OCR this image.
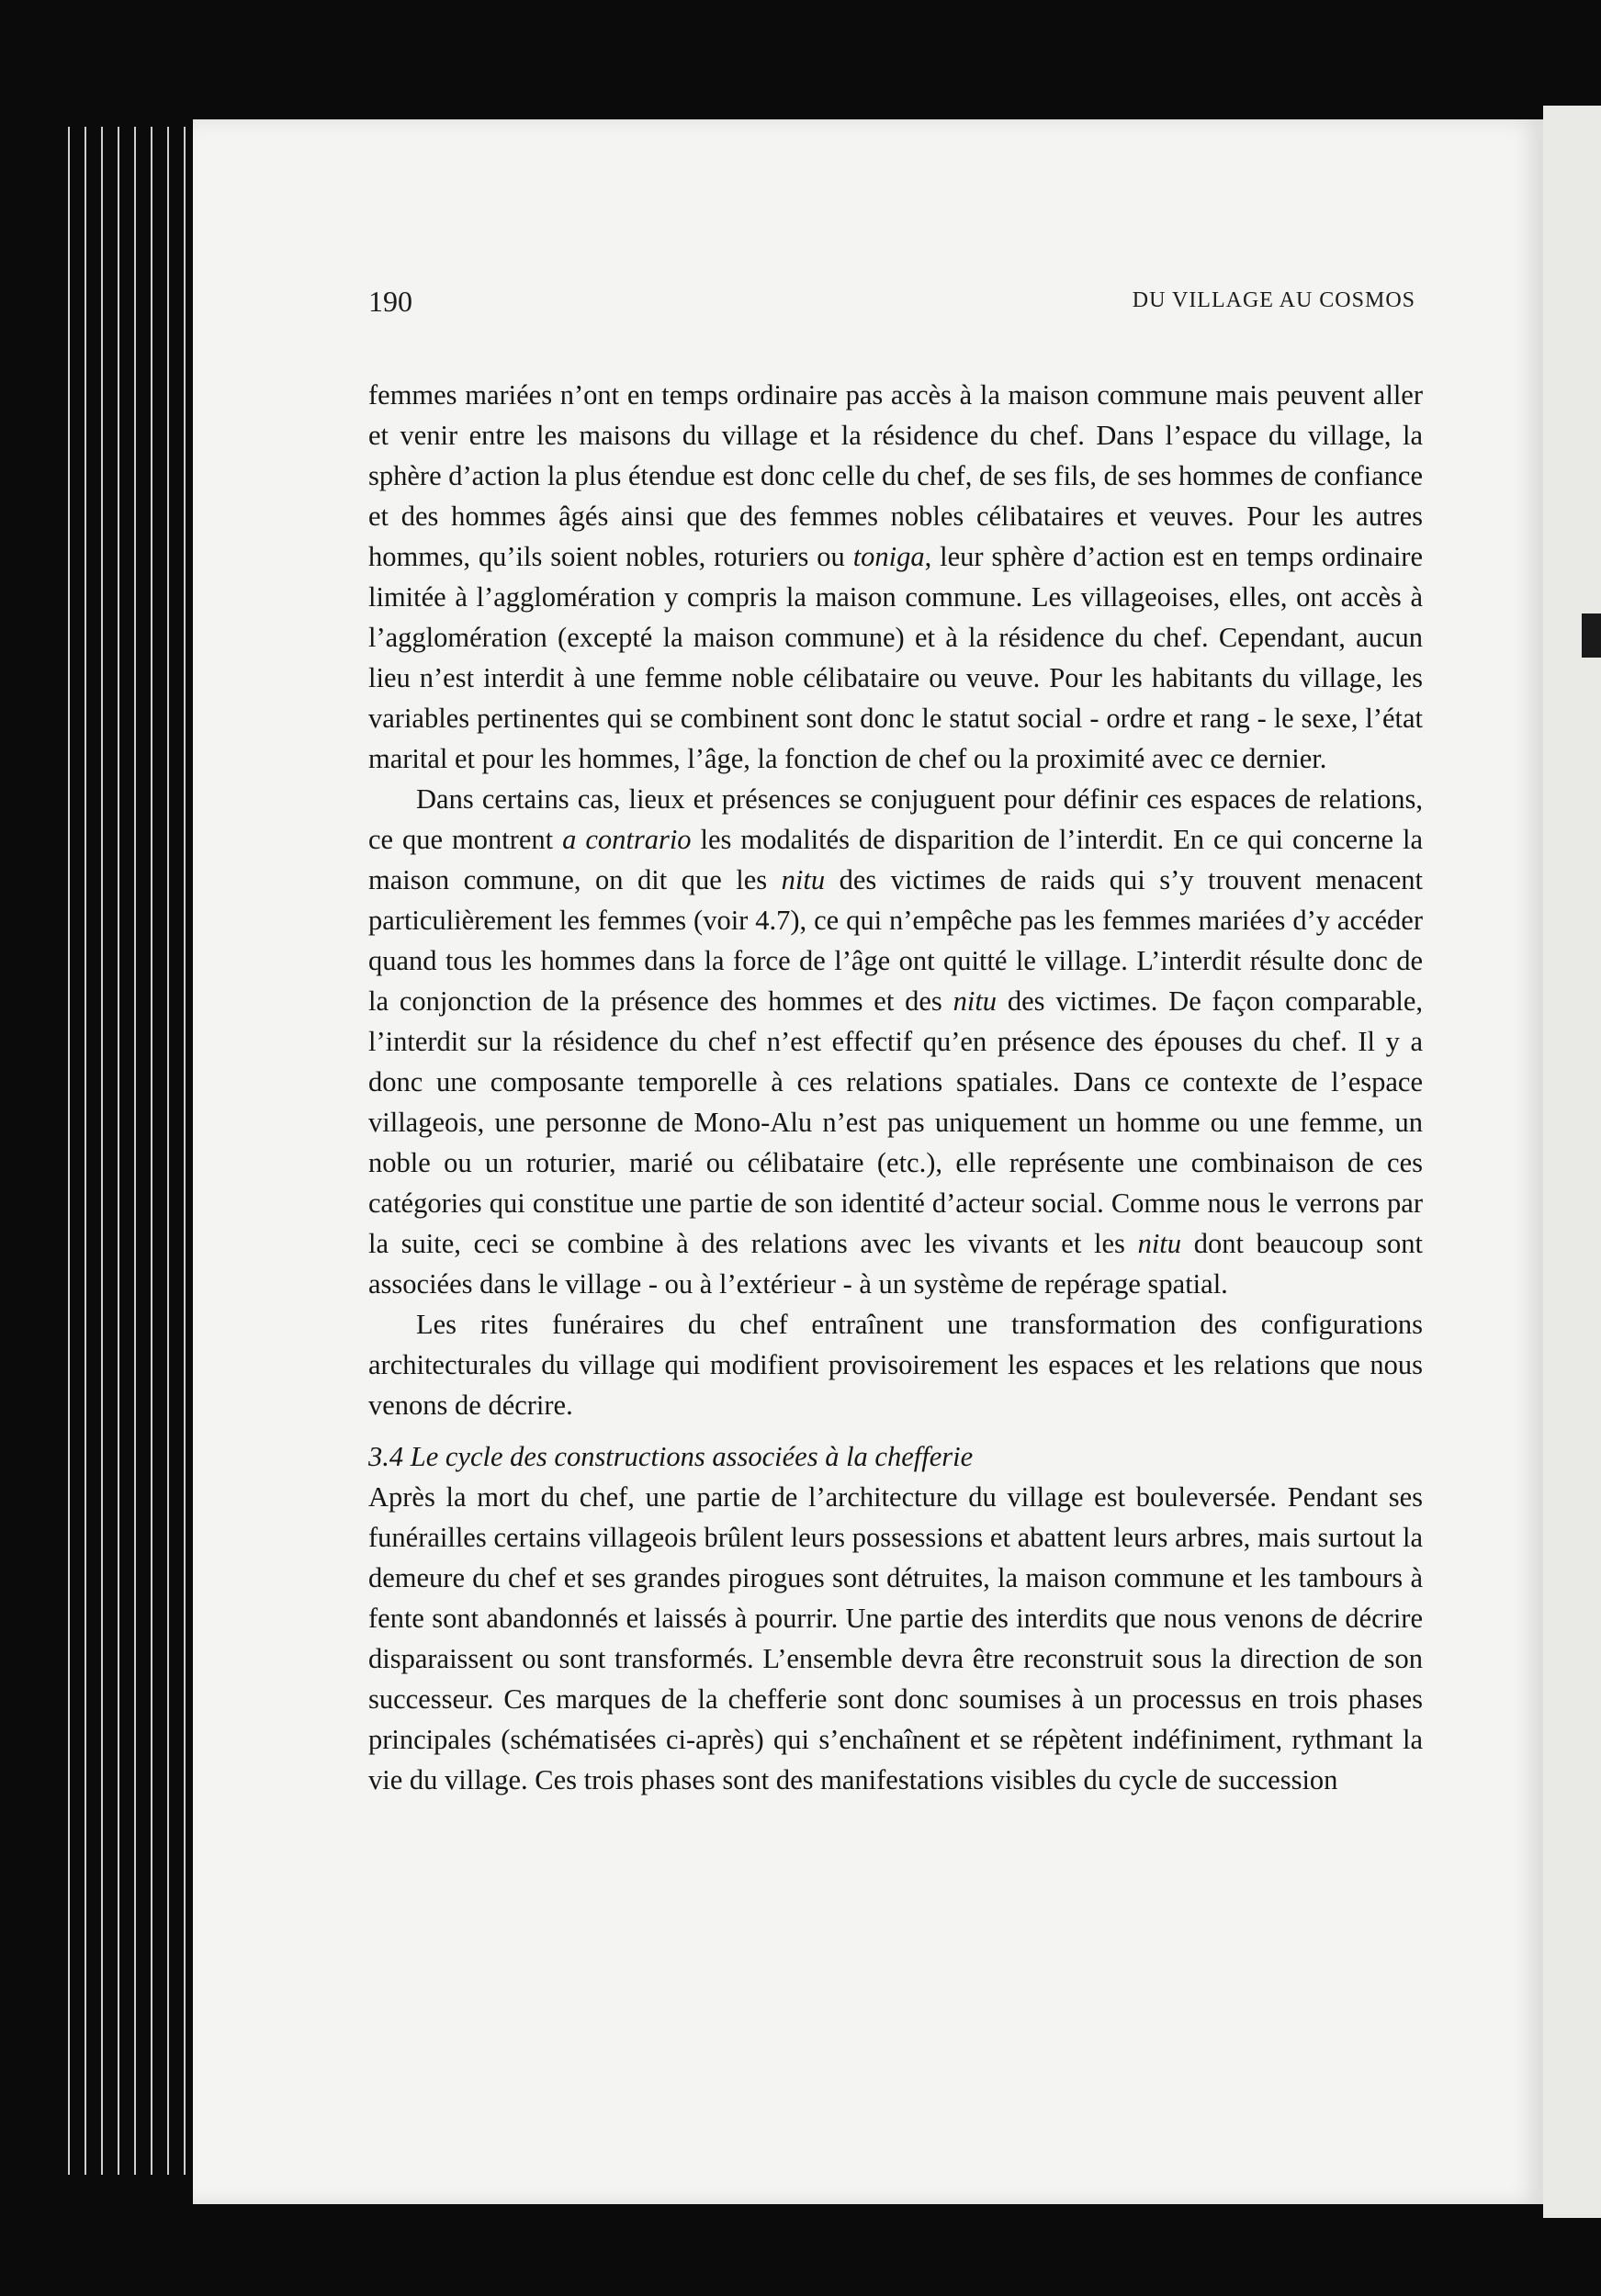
190	DU VILLAGE AU COSMOS

femmes mariées n’ont en temps ordinaire pas accès à la maison commune mais peuvent aller et venir entre les maisons du village et la résidence du chef. Dans l’espace du village, la sphère d’action la plus étendue est donc celle du chef, de ses fils, de ses hommes de confiance et des hommes âgés ainsi que des femmes nobles célibataires et veuves. Pour les autres hommes, qu’ils soient nobles, roturiers ou toniga, leur sphère d’action est en temps ordinaire limitée à l’agglomération y compris la maison commune. Les villageoises, elles, ont accès à l’agglomération (excepté la maison commune) et à la résidence du chef. Cependant, aucun lieu n’est interdit à une femme noble célibataire ou veuve. Pour les habitants du village, les variables pertinentes qui se combinent sont donc le statut social - ordre et rang - le sexe, l’état marital et pour les hommes, l’âge, la fonction de chef ou la proximité avec ce dernier.

Dans certains cas, lieux et présences se conjuguent pour définir ces espaces de relations, ce que montrent a contrario les modalités de disparition de l’interdit. En ce qui concerne la maison commune, on dit que les nitu des victimes de raids qui s’y trouvent menacent particulièrement les femmes (voir 4.7), ce qui n’empêche pas les femmes mariées d’y accéder quand tous les hommes dans la force de l’âge ont quitté le village. L’interdit résulte donc de la conjonction de la présence des hommes et des nitu des victimes. De façon comparable, l’interdit sur la résidence du chef n’est effectif qu’en présence des épouses du chef. Il y a donc une composante temporelle à ces relations spatiales. Dans ce contexte de l’espace villageois, une personne de Mono-Alu n’est pas uniquement un homme ou une femme, un noble ou un roturier, marié ou célibataire (etc.), elle représente une combinaison de ces catégories qui constitue une partie de son identité d’acteur social. Comme nous le verrons par la suite, ceci se combine à des relations avec les vivants et les nitu dont beaucoup sont associées dans le village - ou à l’extérieur - à un système de repérage spatial.

Les rites funéraires du chef entraînent une transformation des configurations architecturales du village qui modifient provisoirement les espaces et les relations que nous venons de décrire.

3.4 Le cycle des constructions associées à la chefferie

Après la mort du chef, une partie de l’architecture du village est bouleversée. Pendant ses funérailles certains villageois brûlent leurs possessions et abattent leurs arbres, mais surtout la demeure du chef et ses grandes pirogues sont détruites, la maison commune et les tambours à fente sont abandonnés et laissés à pourrir. Une partie des interdits que nous venons de décrire disparaissent ou sont transformés. L’ensemble devra être reconstruit sous la direction de son successeur. Ces marques de la chefferie sont donc soumises à un processus en trois phases principales (schématisées ci-après) qui s’enchaînent et se répètent indéfiniment, rythmant la vie du village. Ces trois phases sont des manifestations visibles du cycle de succession
